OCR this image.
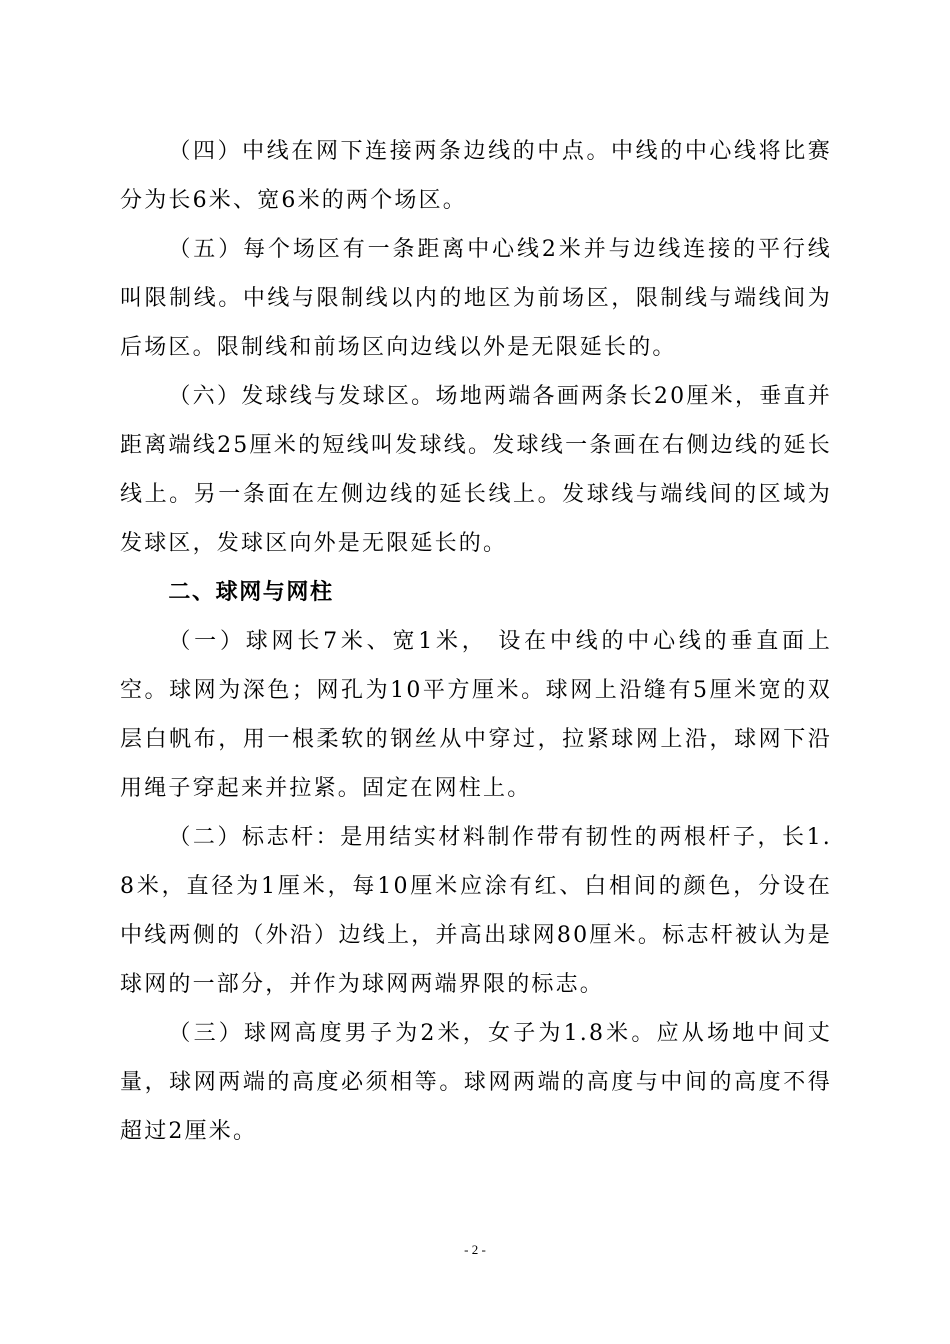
（四）中线在网下连接两条边线的中点。中线的中心线将比赛分为长6米、宽6米的两个场区。

（五）每个场区有一条距离中心线2米并与边线连接的平行线叫限制线。中线与限制线以内的地区为前场区，限制线与端线间为后场区。限制线和前场区向边线以外是无限延长的。

（六）发球线与发球区。场地两端各画两条长20厘米，垂直并距离端线25厘米的短线叫发球线。发球线一条画在右侧边线的延长线上。另一条面在左侧边线的延长线上。发球线与端线间的区域为发球区，发球区向外是无限延长的。

二、球网与网柱

（一）球网长7米、宽1米， 设在中线的中心线的垂直面上空。球网为深色；网孔为10平方厘米。球网上沿缝有5厘米宽的双层白帆布，用一根柔软的钢丝从中穿过，拉紧球网上沿，球网下沿用绳子穿起来并拉紧。固定在网柱上。

（二）标志杆：是用结实材料制作带有韧性的两根杆子，长1.8米，直径为1厘米，每10厘米应涂有红、白相间的颜色，分设在中线两侧的（外沿）边线上，并高出球网80厘米。标志杆被认为是球网的一部分，并作为球网两端界限的标志。

（三）球网高度男子为2米，女子为1.8米。应从场地中间丈量，球网两端的高度必须相等。球网两端的高度与中间的高度不得超过2厘米。

- 2 -
